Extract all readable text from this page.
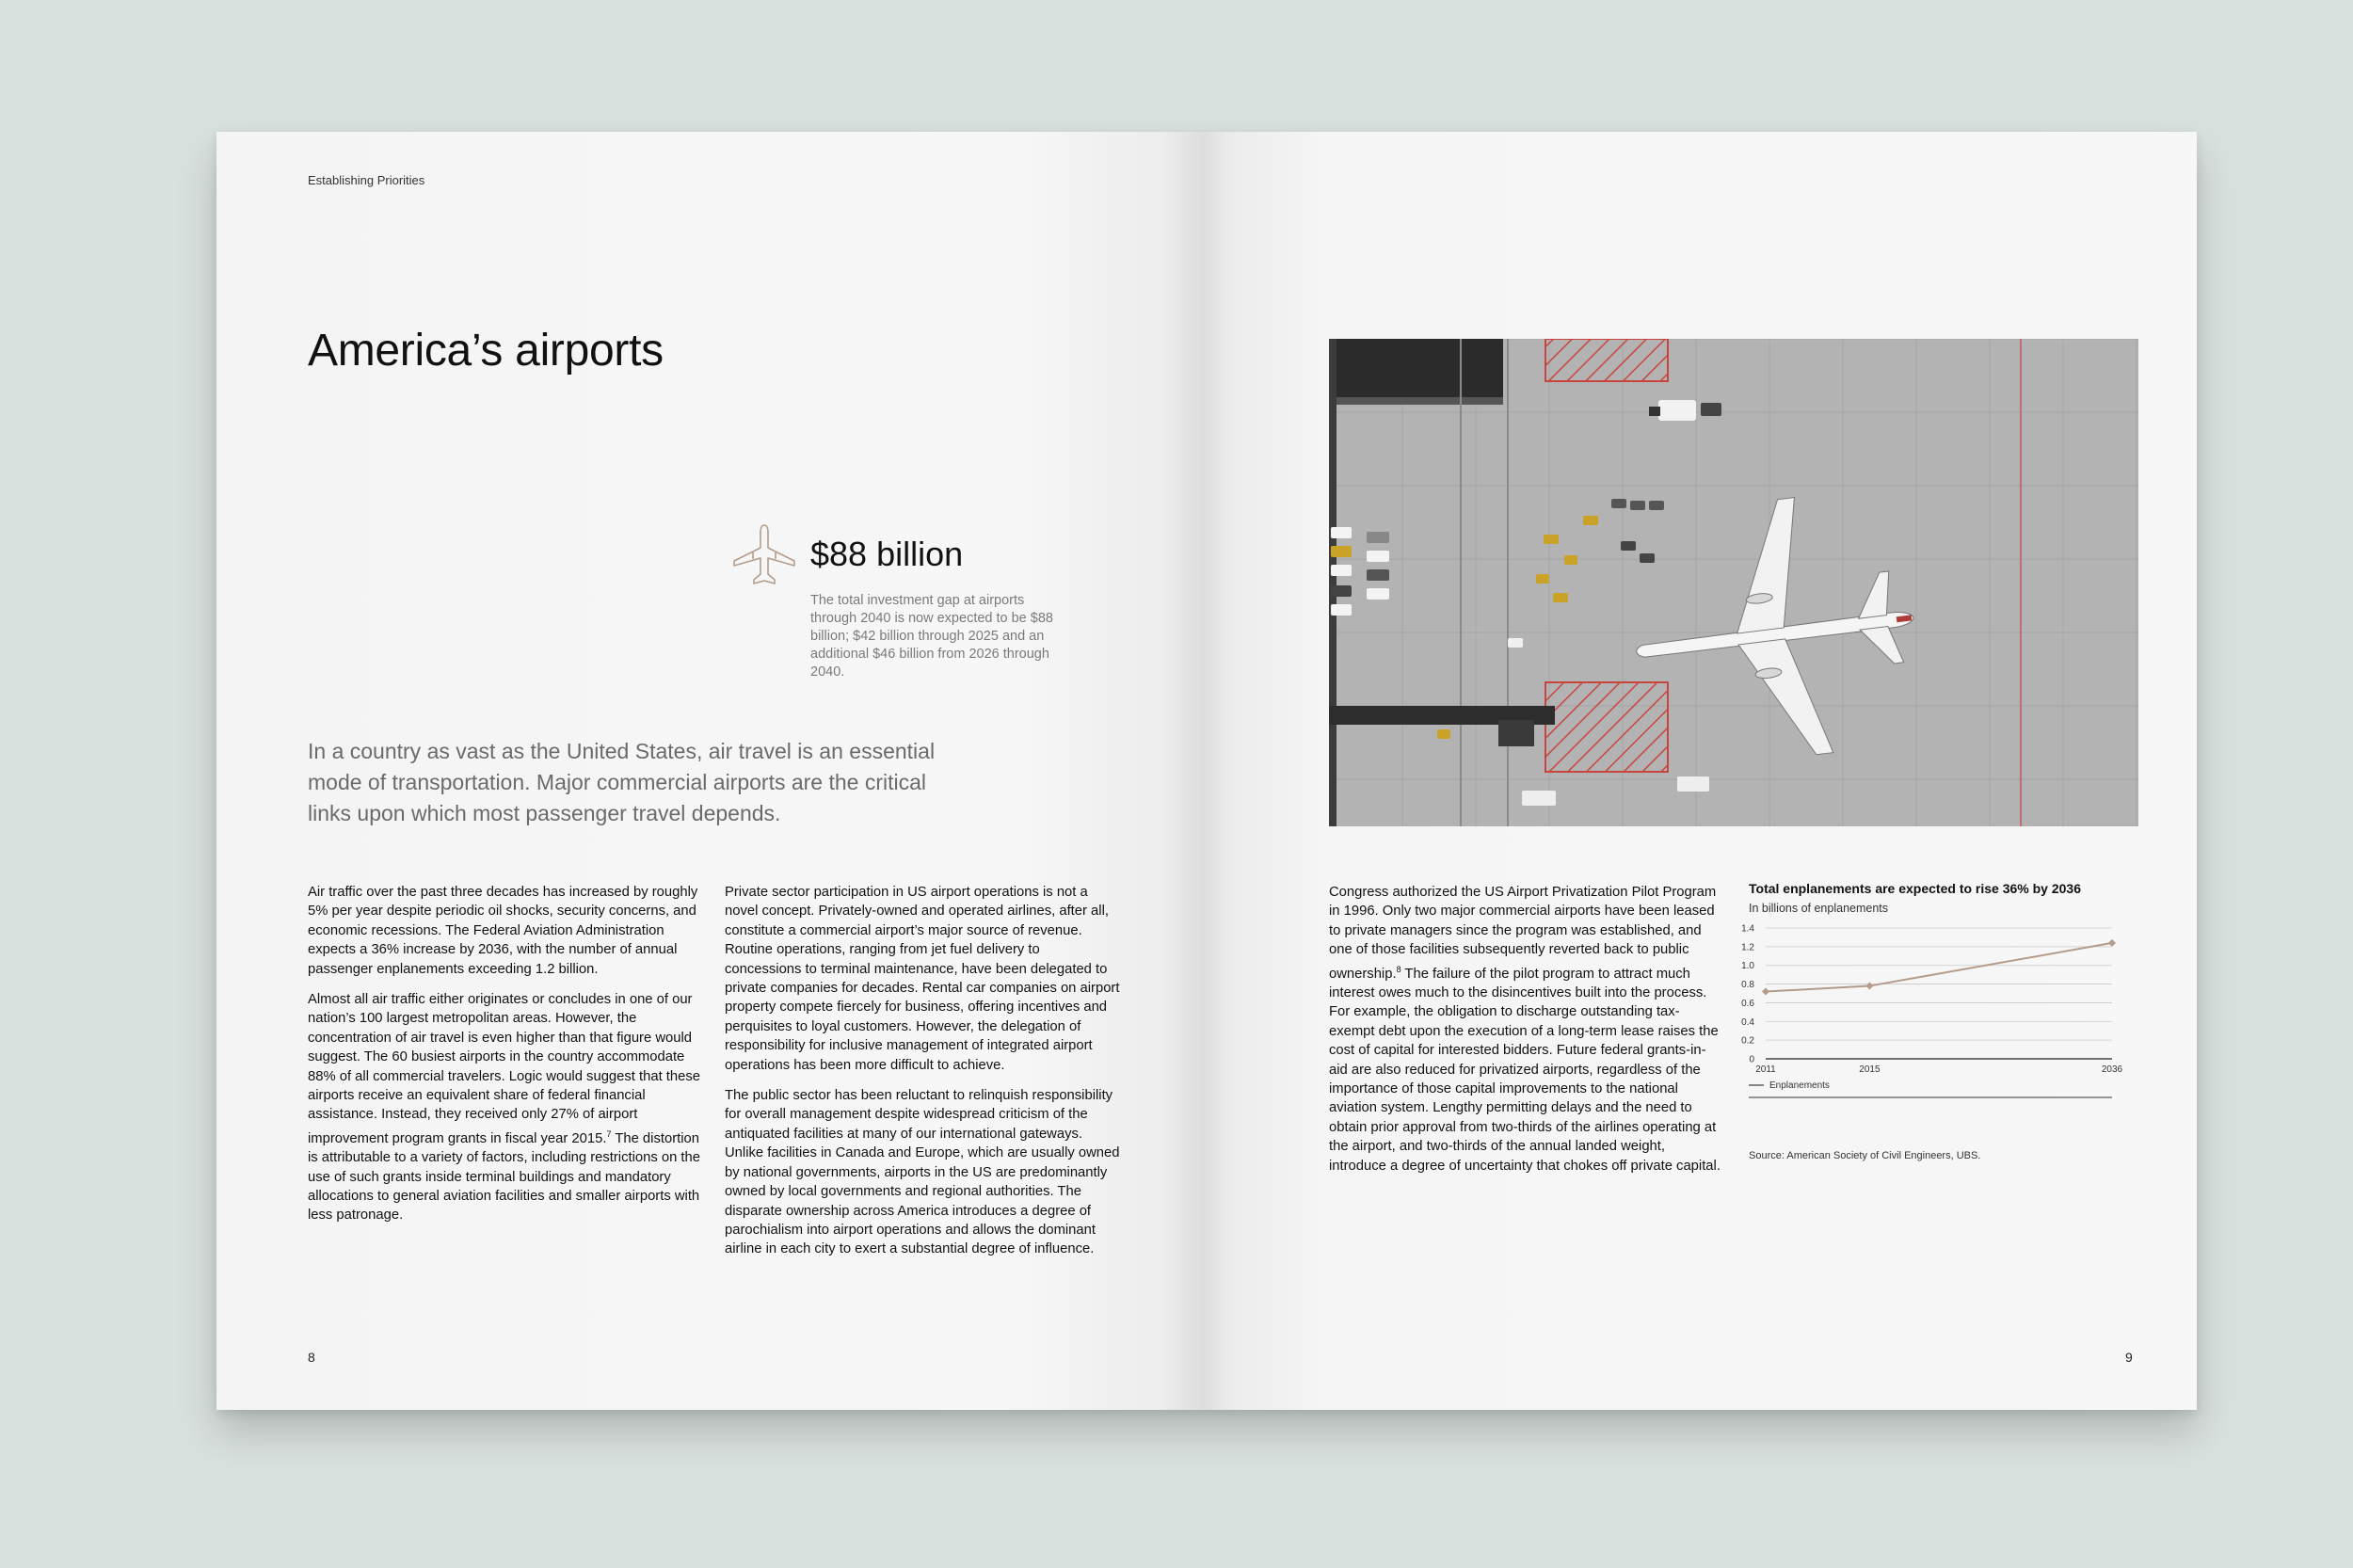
Establishing Priorities
America’s airports
$88 billion
The total investment gap at airports through 2040 is now expected to be $88 billion; $42 billion through 2025 and an additional $46 billion from 2026 through 2040.
In a country as vast as the United States, air travel is an essential mode of transportation. Major commercial airports are the critical links upon which most passenger travel depends.

Air traffic over the past three decades has increased by roughly 5% per year despite periodic oil shocks, security concerns, and economic recessions. The Federal Aviation Administration expects a 36% increase by 2036, with the number of annual passenger enplanements exceeding 1.2 billion.

Almost all air traffic either originates or concludes in one of our nation’s 100 largest metropolitan areas. However, the concentration of air travel is even higher than that figure would suggest. The 60 busiest airports in the country accommodate 88% of all commercial travelers. Logic would suggest that these airports receive an equivalent share of federal financial assistance. Instead, they received only 27% of airport improvement program grants in fiscal year 2015.$^7$ The distortion is attributable to a variety of factors, including restrictions on the use of such grants inside terminal buildings and mandatory allocations to general aviation facilities and smaller airports with less patronage.

Private sector participation in US airport operations is not a novel concept. Privately-owned and operated airlines, after all, constitute a commercial airport’s major source of revenue. Routine operations, ranging from jet fuel delivery to concessions to terminal maintenance, have been delegated to private companies for decades. Rental car companies on airport property compete fiercely for business, offering incentives and perquisites to loyal customers. However, the delegation of responsibility for inclusive management of integrated airport operations has been more difficult to achieve.

The public sector has been reluctant to relinquish responsibility for overall management despite widespread criticism of the antiquated facilities at many of our international gateways. Unlike facilities in Canada and Europe, which are usually owned by national governments, airports in the US are predominantly owned by local governments and regional authorities. The disparate ownership across America introduces a degree of parochialism into airport operations and allows the dominant airline in each city to exert a substantial degree of influence.

8

Congress authorized the US Airport Privatization Pilot Program in 1996. Only two major commercial airports have been leased to private managers since the program was established, and one of those facilities subsequently reverted back to public ownership.$^8$ The failure of the pilot program to attract much interest owes much to the disincentives built into the process. For example, the obligation to discharge outstanding tax-exempt debt upon the execution of a long-term lease raises the cost of capital for interested bidders. Future federal grants-in-aid are also reduced for privatized airports, regardless of the importance of those capital improvements to the national aviation system. Lengthy permitting delays and the need to obtain prior approval from two-thirds of the airlines operating at the airport, and two-thirds of the annual landed weight, introduce a degree of uncertainty that chokes off private capital.

Total enplanements are expected to rise 36% by 2036
In billions of enplanements
0
0.2
0.4
0.6
0.8
1.0
1.2
1.4
2011	2015	2036
Enplanements
Source: American Society of Civil Engineers, UBS.
9
